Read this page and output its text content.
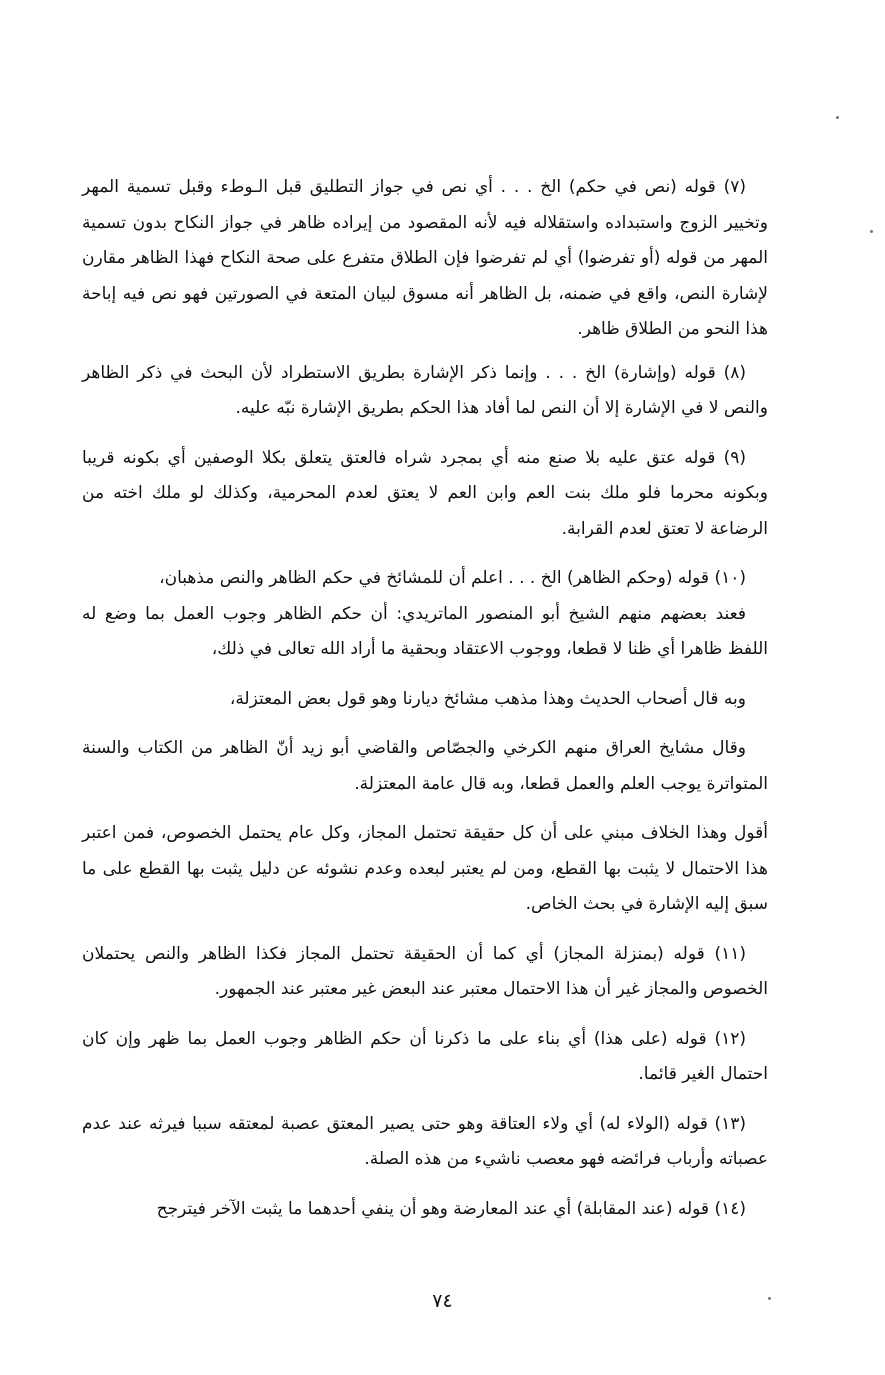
(٧) قوله (نص في حكم) الخ . . . أي نص في جواز التطليق قبل الـوطء وقبل تسمية المهر وتخيير الزوج واستبداده واستقلاله فيه لأنه المقصود من إيراده ظاهر في جواز النكاح بدون تسمية المهر من قوله (أو تفرضوا) أي لم تفرضوا فإن الطلاق متفرع على صحة النكاح فهذا الظاهر مقارن لإشارة النص، واقع في ضمنه، بل الظاهر أنه مسوق لبيان المتعة في الصورتين فهو نص فيه إباحة هذا النحو من الطلاق ظاهر.

(٨) قوله (وإشارة) الخ . . . وإنما ذكر الإشارة بطريق الاستطراد لأن البحث في ذكر الظاهر والنص لا في الإشارة إلا أن النص لما أفاد هذا الحكم بطريق الإشارة نبّه عليه.

(٩) قوله عتق عليه بلا صنع منه أي بمجرد شراه فالعتق يتعلق بكلا الوصفين أي بكونه قريبا وبكونه محرما فلو ملك بنت العم وابن العم لا يعتق لعدم المحرمية، وكذلك لو ملك اخته من الرضاعة لا تعتق لعدم القرابة.

(١٠) قوله (وحكم الظاهر) الخ . . . اعلم أن للمشائخ في حكم الظاهر والنص مذهبان،

فعند بعضهم منهم الشيخ أبو المنصور الماتريدي: أن حكم الظاهر وجوب العمل بما وضع له اللفظ ظاهرا أي ظنا لا قطعا، ووجوب الاعتقاد وبحقية ما أراد الله تعالى في ذلك،

وبه قال أصحاب الحديث وهذا مذهب مشائخ ديارنا وهو قول بعض المعتزلة،

وقال مشايخ العراق منهم الكرخي والجصّاص والقاضي أبو زيد أنّ الظاهر من الكتاب والسنة المتواترة يوجب العلم والعمل قطعا، وبه قال عامة المعتزلة.

أقول وهذا الخلاف مبني على أن كل حقيقة تحتمل المجاز، وكل عام يحتمل الخصوص، فمن اعتبر هذا الاحتمال لا يثبت بها القطع، ومن لم يعتبر لبعده وعدم نشوئه عن دليل يثبت بها القطع على ما سبق إليه الإشارة في بحث الخاص.

(١١) قوله (بمنزلة المجاز) أي كما أن الحقيقة تحتمل المجاز فكذا الظاهر والنص يحتملان الخصوص والمجاز غير أن هذا الاحتمال معتبر عند البعض غير معتبر عند الجمهور.

(١٢) قوله (على هذا) أي بناء على ما ذكرنا أن حكم الظاهر وجوب العمل بما ظهر وإن كان احتمال الغير قائما.

(١٣) قوله (الولاء له) أي ولاء العتاقة وهو حتى يصير المعتق عصبة لمعتقه سببا فيرثه عند عدم عصباته وأرباب فرائضه فهو معصب ناشيء من هذه الصلة.

(١٤) قوله (عند المقابلة) أي عند المعارضة وهو أن ينفي أحدهما ما يثبت الآخر فيترجح

٧٤
